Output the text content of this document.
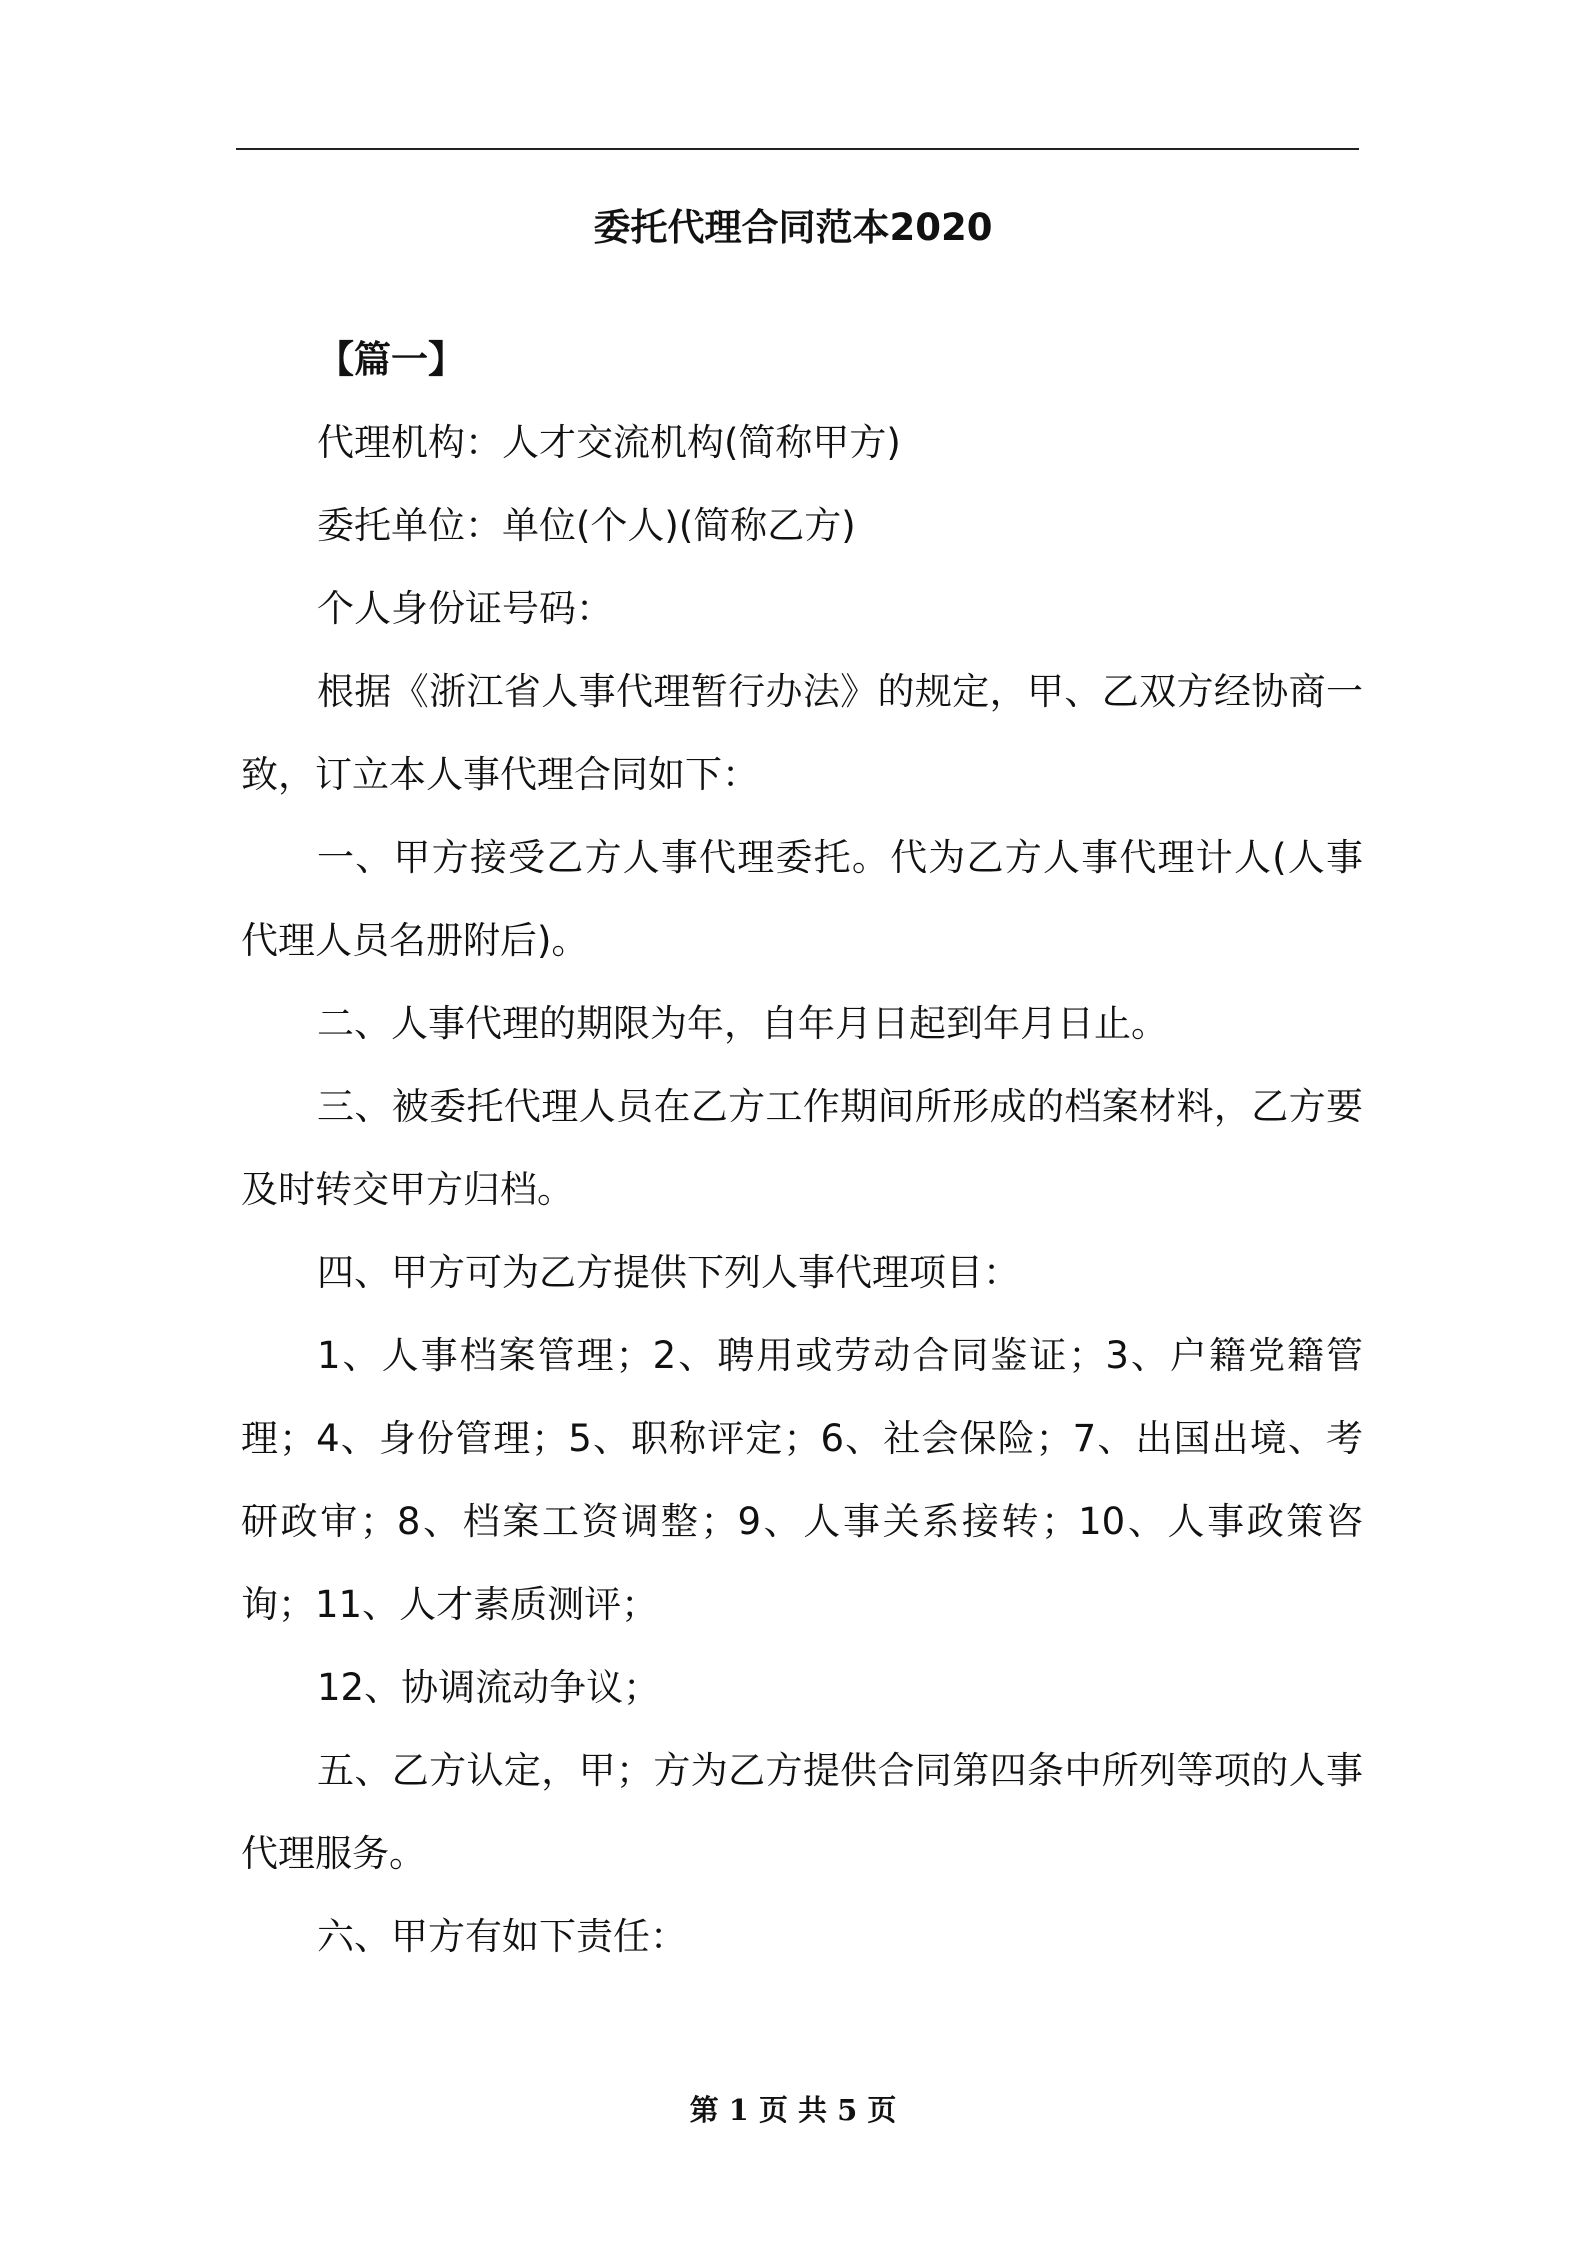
委托代理合同范本2020

【篇一】

代理机构：人才交流机构(简称甲方)

委托单位：单位(个人)(简称乙方)

个人身份证号码：

根据《浙江省人事代理暂行办法》的规定，甲、乙双方经协商一致，订立本人事代理合同如下：

一、甲方接受乙方人事代理委托。代为乙方人事代理计人(人事代理人员名册附后)。

二、人事代理的期限为年，自年月日起到年月日止。

三、被委托代理人员在乙方工作期间所形成的档案材料，乙方要及时转交甲方归档。

四、甲方可为乙方提供下列人事代理项目：

1、人事档案管理；2、聘用或劳动合同鉴证；3、户籍党籍管理；4、身份管理；5、职称评定；6、社会保险；7、出国出境、考研政审；8、档案工资调整；9、人事关系接转；10、人事政策咨询；11、人才素质测评；

12、协调流动争议；

五、乙方认定，甲；方为乙方提供合同第四条中所列等项的人事代理服务。

六、甲方有如下责任：

第 1 页 共 5 页
